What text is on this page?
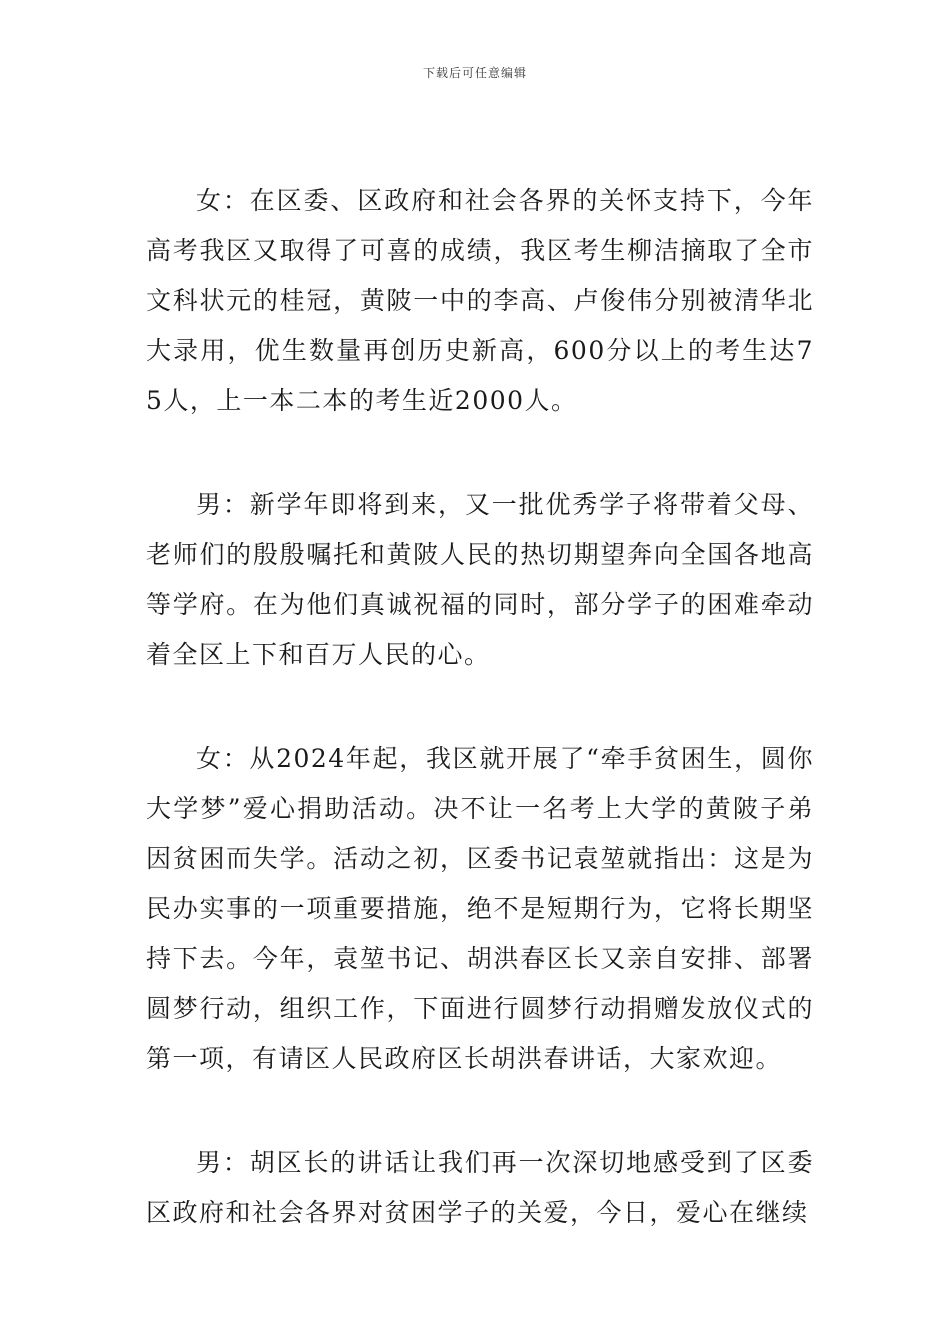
下载后可任意编辑

女：在区委、区政府和社会各界的关怀支持下，今年高考我区又取得了可喜的成绩，我区考生柳洁摘取了全市文科状元的桂冠，黄陂一中的李高、卢俊伟分别被清华北大录用，优生数量再创历史新高，600分以上的考生达75人，上一本二本的考生近2000人。

男：新学年即将到来，又一批优秀学子将带着父母、老师们的殷殷嘱托和黄陂人民的热切期望奔向全国各地高等学府。在为他们真诚祝福的同时，部分学子的困难牵动着全区上下和百万人民的心。

女：从2024年起，我区就开展了“牵手贫困生，圆你大学梦”爱心捐助活动。决不让一名考上大学的黄陂子弟因贫困而失学。活动之初，区委书记袁堃就指出：这是为民办实事的一项重要措施，绝不是短期行为，它将长期坚持下去。今年，袁堃书记、胡洪春区长又亲自安排、部署圆梦行动，组织工作，下面进行圆梦行动捐赠发放仪式的第一项，有请区人民政府区长胡洪春讲话，大家欢迎。

男：胡区长的讲话让我们再一次深切地感受到了区委区政府和社会各界对贫困学子的关爱，今日，爱心在继续
